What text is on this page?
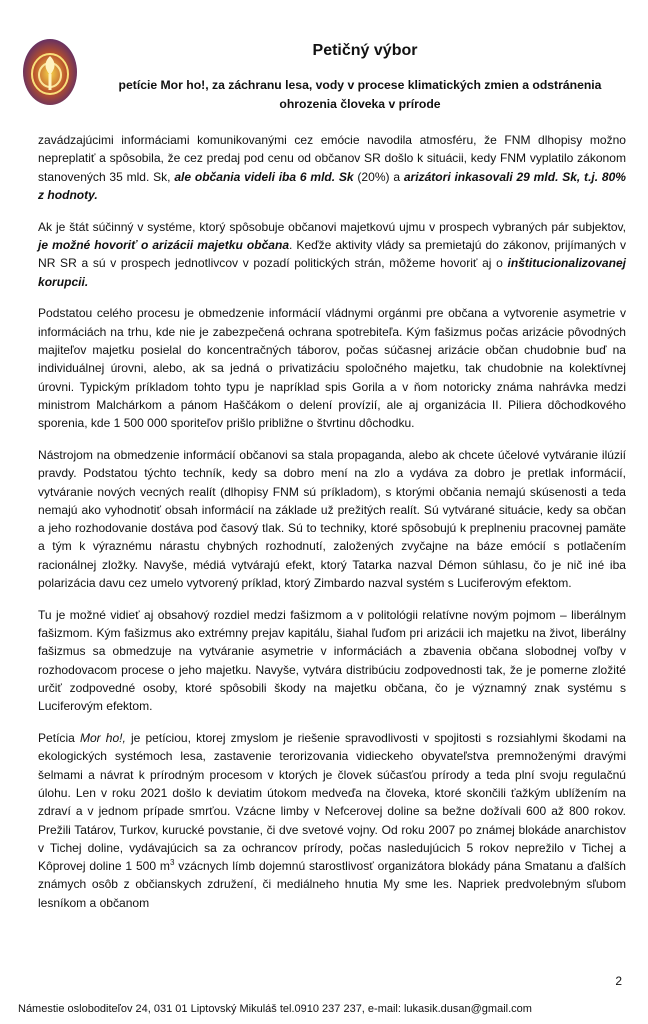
Petičný výbor
petície Mor ho!, za záchranu lesa, vody v procese klimatických zmien a odstránenia
ohrozenia človeka v prírode

zavádzajúcimi informáciami komunikovanými cez emócie navodila atmosféru, že FNM dlhopisy možno nepreplatiť a spôsobila, že cez predaj pod cenu od občanov SR došlo k situácii, kedy FNM vyplatilo zákonom stanovených 35 mld. Sk, ale občania videli iba 6 mld. Sk (20%) a arizátori inkasovali 29 mld. Sk, t.j. 80% z hodnoty.

Ak je štát súčinný v systéme, ktorý spôsobuje občanovi majetkovú ujmu v prospech vybraných pár subjektov, je možné hovoriť o arizácii majetku občana. Keďže aktivity vlády sa premietajú do zákonov, prijímaných v NR SR a sú v prospech jednotlivcov v pozadí politických strán, môžeme hovoriť aj o inštitucionalizovanej korupcii.

Podstatou celého procesu je obmedzenie informácií vládnymi orgánmi pre občana a vytvorenie asymetrie v informáciách na trhu, kde nie je zabezpečená ochrana spotrebiteľa. Kým fašizmus počas arizácie pôvodných majiteľov majetku posielal do koncentračných táborov, počas súčasnej arizácie občan chudobnie buď na individuálnej úrovni, alebo, ak sa jedná o privatizáciu spoločného majetku, tak chudobnie na kolektívnej úrovni. Typickým príkladom tohto typu je napríklad spis Gorila a v ňom notoricky známa nahrávka medzi ministrom Malchárkom a pánom Haščákom o delení provízií, ale aj organizácia II. Piliera dôchodkového sporenia, kde 1 500 000 sporiteľov prišlo približne o štvrtinu dôchodku.

Nástrojom na obmedzenie informácií občanovi sa stala propaganda, alebo ak chcete účelové vytváranie ilúzií pravdy. Podstatou týchto techník, kedy sa dobro mení na zlo a vydáva za dobro je pretlak informácií, vytváranie nových vecných realít (dlhopisy FNM sú príkladom), s ktorými občania nemajú skúsenosti a teda nemajú ako vyhodnotiť obsah informácií na základe už prežitých realít. Sú vytvárané situácie, kedy sa občan a jeho rozhodovanie dostáva pod časový tlak. Sú to techniky, ktoré spôsobujú k preplneniu pracovnej pamäte a tým k výraznému nárastu chybných rozhodnutí, založených zvyčajne na báze emócií s potlačením racionálnej zložky. Navyše, médiá vytvárajú efekt, ktorý Tatarka nazval Démon súhlasu, čo je nič iné iba polarizácia davu cez umelo vytvorený príklad, ktorý Zimbardo nazval systém s Luciferovým efektom.

Tu je možné vidieť aj obsahový rozdiel medzi fašizmom a v politológii relatívne novým pojmom – liberálnym fašizmom. Kým fašizmus ako extrémny prejav kapitálu, šiahal ľuďom pri arizácii ich majetku na život, liberálny fašizmus sa obmedzuje na vytváranie asymetrie v informáciách a zbavenia občana slobodnej voľby v rozhodovacom procese o jeho majetku. Navyše, vytvára distribúciu zodpovednosti tak, že je pomerne zložité určiť zodpovedné osoby, ktoré spôsobili škody na majetku občana, čo je významný znak systému s Luciferovým efektom.

Petícia Mor ho!, je petíciou, ktorej zmyslom je riešenie spravodlivosti v spojitosti s rozsiahlymi škodami na ekologických systémoch lesa, zastavenie terorizovania vidieckeho obyvateľstva premnoženými dravými šelmami a návrat k prírodným procesom v ktorých je človek súčasťou prírody a teda plní svoju regulačnú úlohu. Len v roku 2021 došlo k deviatim útokom medveďa na človeka, ktoré skončili ťažkým ublížením na zdraví a v jednom prípade smrťou. Vzácne limby v Nefcerovej doline sa bežne dožívali 600 až 800 rokov. Prežili Tatárov, Turkov, kurucké povstanie, či dve svetové vojny. Od roku 2007 po známej blokáde anarchistov v Tichej doline, vydávajúcich sa za ochrancov prírody, počas nasledujúcich 5 rokov neprežilo v Tichej a Kôprovej doline 1 500 $m^3$ vzácnych límb dojemnú starostlivosť organizátora blokády pána Smatanu a ďalších známych osôb z občianskych združení, či mediálneho hnutia My sme les. Napriek predvolebným sľubom lesníkom a občanom

2
Námestie osloboditeľov 24, 031 01 Liptovský Mikuláš tel.0910 237 237, e-mail: lukasik.dusan@gmail.com
